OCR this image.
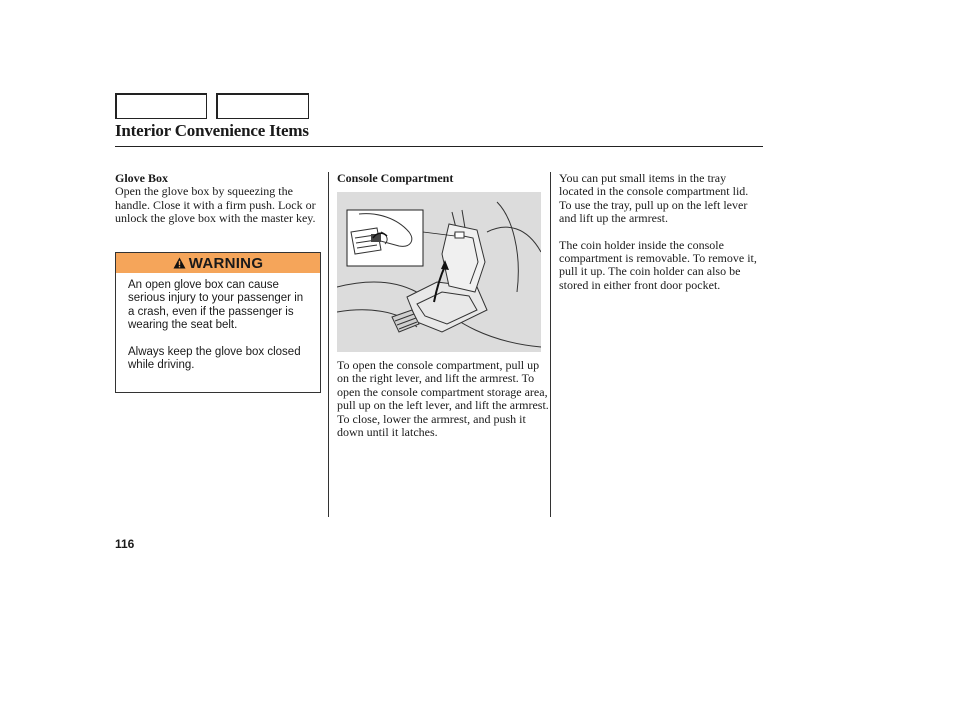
Interior Convenience Items
Glove Box
Open the glove box by squeezing the handle. Close it with a firm push. Lock or unlock the glove box with the master key.
WARNING

An open glove box can cause serious injury to your passenger in a crash, even if the passenger is wearing the seat belt.

Always keep the glove box closed while driving.

Console Compartment
To open the console compartment, pull up on the right lever, and lift the armrest. To open the console compartment storage area, pull up on the left lever, and lift the armrest. To close, lower the armrest, and push it down until it latches.

You can put small items in the tray located in the console compartment lid. To use the tray, pull up on the left lever and lift up the armrest.

The coin holder inside the console compartment is removable. To remove it, pull it up. The coin holder can also be stored in either front door pocket.

116
